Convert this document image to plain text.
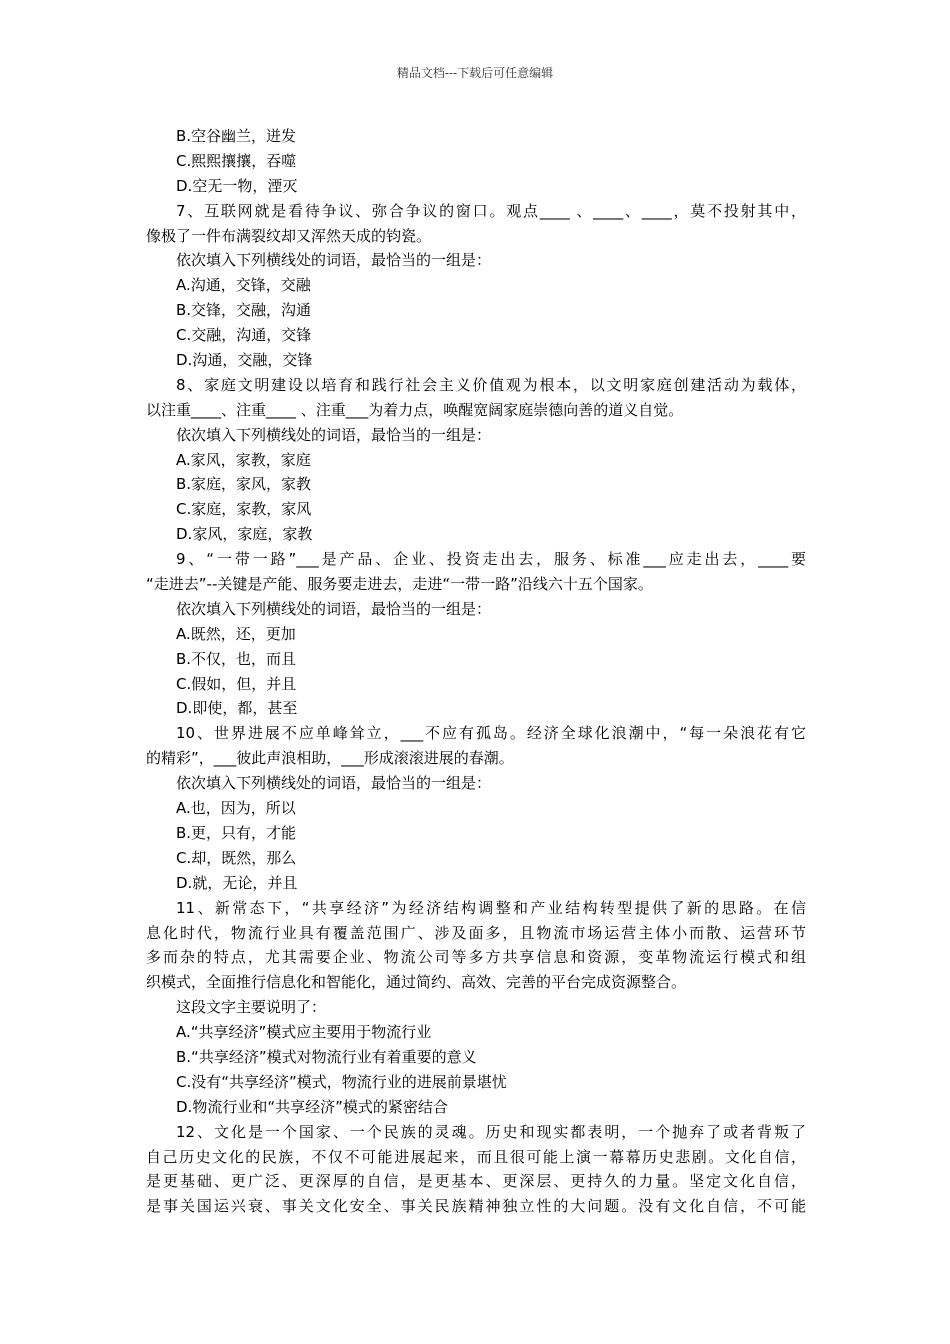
精品文档---下载后可任意编辑
B.空谷幽兰，迸发
C.熙熙攘攘，吞噬
D.空无一物，湮灭
7、互联网就是看待争议、弥合争议的窗口。观点____ 、____、____，莫不投射其中，
像极了一件布满裂纹却又浑然天成的钧瓷。
依次填入下列横线处的词语，最恰当的一组是：
A.沟通，交锋，交融
B.交锋，交融，沟通
C.交融，沟通，交锋
D.沟通，交融，交锋
8、家庭文明建设以培育和践行社会主义价值观为根本，以文明家庭创建活动为载体，
以注重____、注重____ 、注重___为着力点，唤醒宽阔家庭崇德向善的道义自觉。
依次填入下列横线处的词语，最恰当的一组是：
A.家风，家教，家庭
B.家庭，家风，家教
C.家庭，家教，家风
D.家风，家庭，家教
9、“一带一路”___是产品、企业、投资走出去，服务、标准___应走出去，____要
“走进去”--关键是产能、服务要走进去，走进“一带一路”沿线六十五个国家。
依次填入下列横线处的词语，最恰当的一组是：
A.既然，还，更加
B.不仅，也，而且
C.假如，但，并且
D.即使，都，甚至
10、世界进展不应单峰耸立，___不应有孤岛。经济全球化浪潮中，“每一朵浪花有它
的精彩”，___彼此声浪相助，___形成滚滚进展的春潮。
依次填入下列横线处的词语，最恰当的一组是：
A.也，因为，所以
B.更，只有，才能
C.却，既然，那么
D.就，无论，并且
11、新常态下，“共享经济”为经济结构调整和产业结构转型提供了新的思路。在信
息化时代，物流行业具有覆盖范围广、涉及面多，且物流市场运营主体小而散、运营环节
多而杂的特点，尤其需要企业、物流公司等多方共享信息和资源，变革物流运行模式和组
织模式，全面推行信息化和智能化，通过简约、高效、完善的平台完成资源整合。
这段文字主要说明了：
A.“共享经济”模式应主要用于物流行业
B.“共享经济”模式对物流行业有着重要的意义
C.没有“共享经济”模式，物流行业的进展前景堪忧
D.物流行业和“共享经济”模式的紧密结合
12、文化是一个国家、一个民族的灵魂。历史和现实都表明，一个抛弃了或者背叛了
自己历史文化的民族，不仅不可能进展起来，而且很可能上演一幕幕历史悲剧。文化自信，
是更基础、更广泛、更深厚的自信，是更基本、更深层、更持久的力量。坚定文化自信，
是事关国运兴衰、事关文化安全、事关民族精神独立性的大问题。没有文化自信，不可能
